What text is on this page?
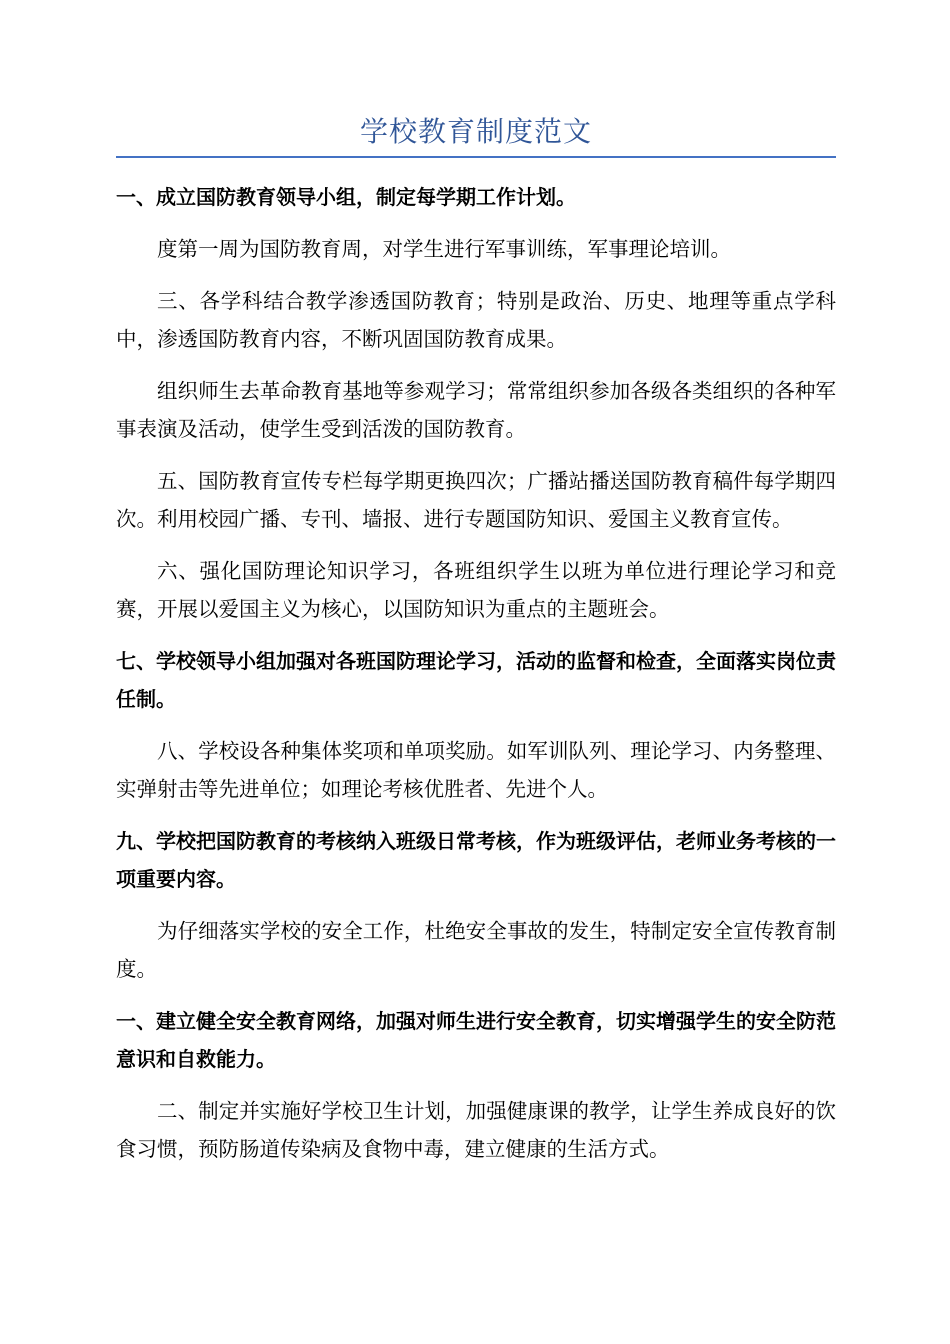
学校教育制度范文

一、成立国防教育领导小组，制定每学期工作计划。

度第一周为国防教育周，对学生进行军事训练，军事理论培训。

三、各学科结合教学渗透国防教育；特别是政治、历史、地理等重点学科中，渗透国防教育内容，不断巩固国防教育成果。

组织师生去革命教育基地等参观学习；常常组织参加各级各类组织的各种军事表演及活动，使学生受到活泼的国防教育。

五、国防教育宣传专栏每学期更换四次；广播站播送国防教育稿件每学期四次。利用校园广播、专刊、墙报、进行专题国防知识、爱国主义教育宣传。

六、强化国防理论知识学习，各班组织学生以班为单位进行理论学习和竞赛，开展以爱国主义为核心，以国防知识为重点的主题班会。

七、学校领导小组加强对各班国防理论学习，活动的监督和检查，全面落实岗位责任制。

八、学校设各种集体奖项和单项奖励。如军训队列、理论学习、内务整理、实弹射击等先进单位；如理论考核优胜者、先进个人。

九、学校把国防教育的考核纳入班级日常考核，作为班级评估，老师业务考核的一项重要内容。

为仔细落实学校的安全工作，杜绝安全事故的发生，特制定安全宣传教育制度。

一、建立健全安全教育网络，加强对师生进行安全教育，切实增强学生的安全防范意识和自救能力。

二、制定并实施好学校卫生计划，加强健康课的教学，让学生养成良好的饮食习惯，预防肠道传染病及食物中毒，建立健康的生活方式。
